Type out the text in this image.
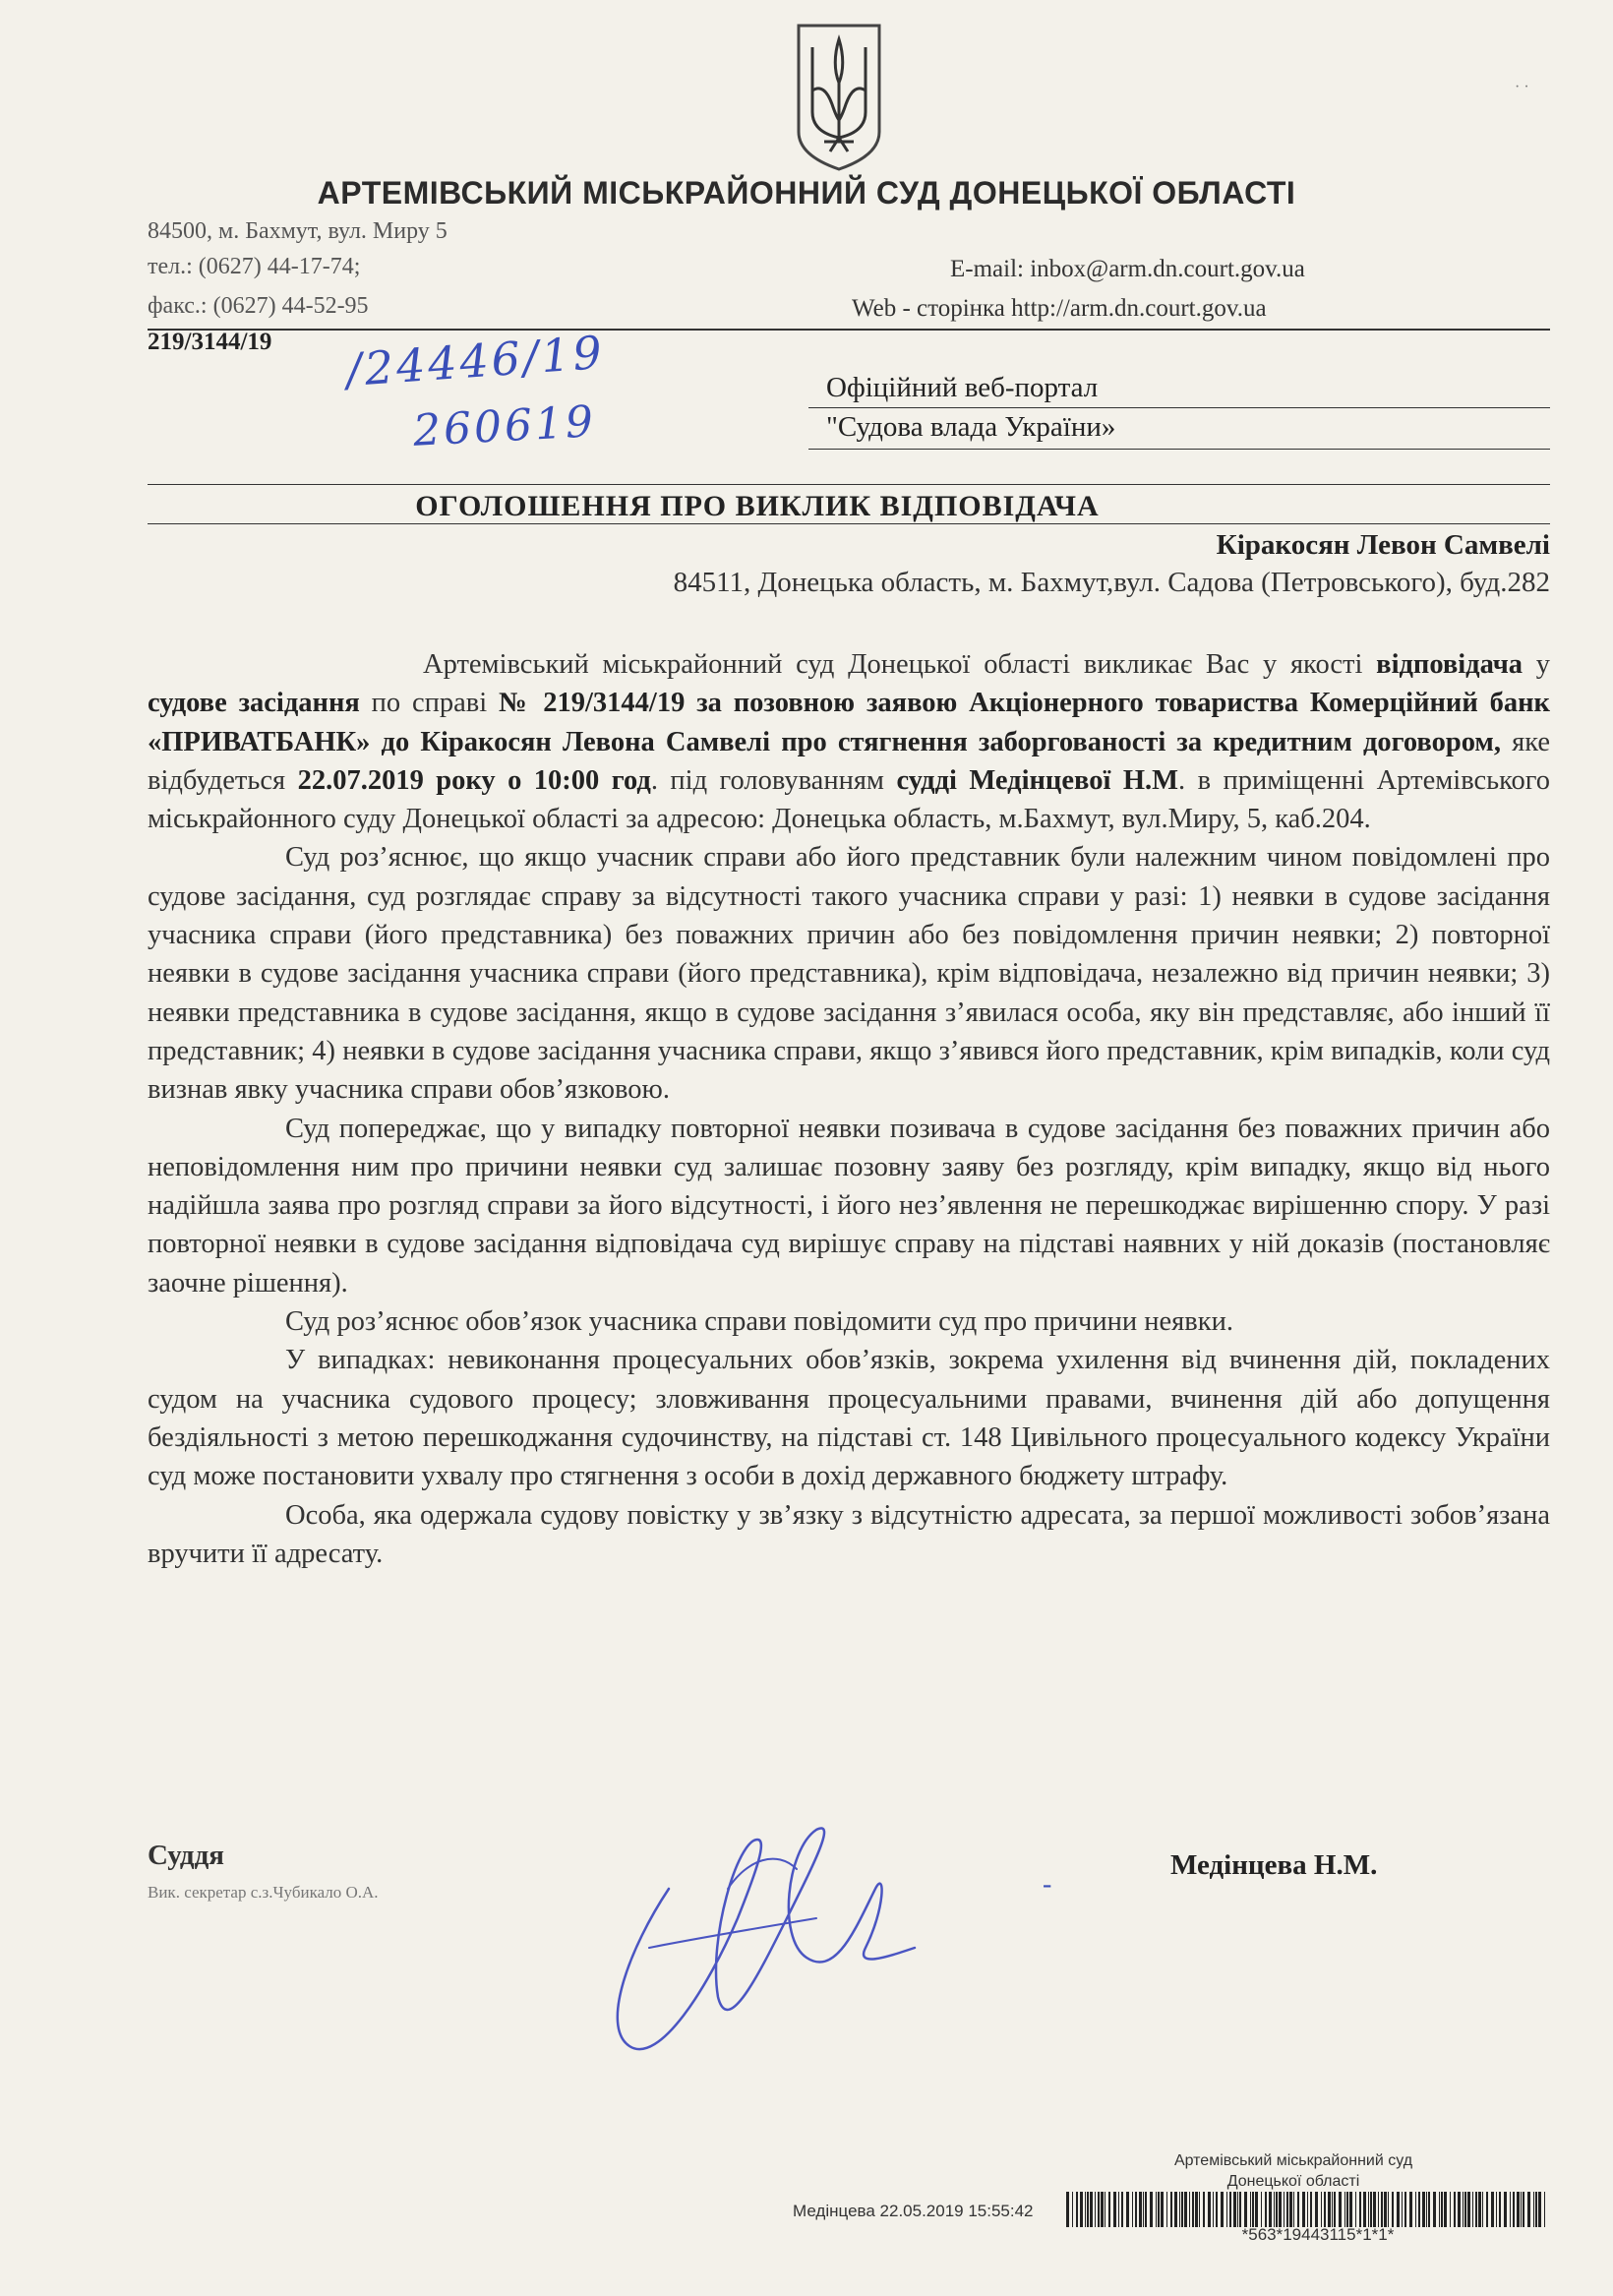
· ·
АРТЕМІВСЬКИЙ МІСЬКРАЙОННИЙ СУД ДОНЕЦЬКОЇ ОБЛАСТІ
84500, м. Бахмут, вул. Миру 5
тел.: (0627) 44-17-74;
факс.: (0627) 44-52-95
E-mail: inbox@arm.dn.court.gov.ua
Web - сторінка http://arm.dn.court.gov.ua
219/3144/19 /24446/19
260619
Офіційний веб-портал
"Судова влада України»
ОГОЛОШЕННЯ ПРО ВИКЛИК ВІДПОВІДАЧА
Кіракосян Левон Самвелі
84511, Донецька область, м. Бахмут,вул. Садова (Петровського), буд.282

Артемівський міськрайонний суд Донецької області викликає Вас у якості відповідача у судове засідання по справі № 219/3144/19 за позовною заявою Акціонерного товариства Комерційний банк «ПРИВАТБАНК» до Кіракосян Левона Самвелі про стягнення заборгованості за кредитним договором, яке відбудеться 22.07.2019 року о 10:00 год. під головуванням судді Медінцевої Н.М. в приміщенні Артемівського міськрайонного суду Донецької області за адресою: Донецька область, м.Бахмут, вул.Миру, 5, каб.204.

Суд роз’яснює, що якщо учасник справи або його представник були належним чином повідомлені про судове засідання, суд розглядає справу за відсутності такого учасника справи у разі: 1) неявки в судове засідання учасника справи (його представника) без поважних причин або без повідомлення причин неявки; 2) повторної неявки в судове засідання учасника справи (його представника), крім відповідача, незалежно від причин неявки; 3) неявки представника в судове засідання, якщо в судове засідання з’явилася особа, яку він представляє, або інший її представник; 4) неявки в судове засідання учасника справи, якщо з’явився його представник, крім випадків, коли суд визнав явку учасника справи обов’язковою.

Суд попереджає, що у випадку повторної неявки позивача в судове засідання без поважних причин або неповідомлення ним про причини неявки суд залишає позовну заяву без розгляду, крім випадку, якщо від нього надійшла заява про розгляд справи за його відсутності, і його нез’явлення не перешкоджає вирішенню спору. У разі повторної неявки в судове засідання відповідача суд вирішує справу на підставі наявних у ній доказів (постановляє заочне рішення).

Суд роз’яснює обов’язок учасника справи повідомити суд про причини неявки.

У випадках: невиконання процесуальних обов’язків, зокрема ухилення від вчинення дій, покладених судом на учасника судового процесу; зловживання процесуальними правами, вчинення дій або допущення бездіяльності з метою перешкоджання судочинству, на підставі ст. 148 Цивільного процесуального кодексу України суд може постановити ухвалу про стягнення з особи в дохід державного бюджету штрафу.

Особа, яка одержала судову повістку у зв’язку з відсутністю адресата, за першої можливості зобов’язана вручити її адресату.

Суддя
Вик. секретар с.з.Чубикало О.А.
Медінцева Н.М.
-
Артемівський міськрайонний суд
Донецької області
Медінцева 22.05.2019 15:55:42
*563*19443115*1*1*
